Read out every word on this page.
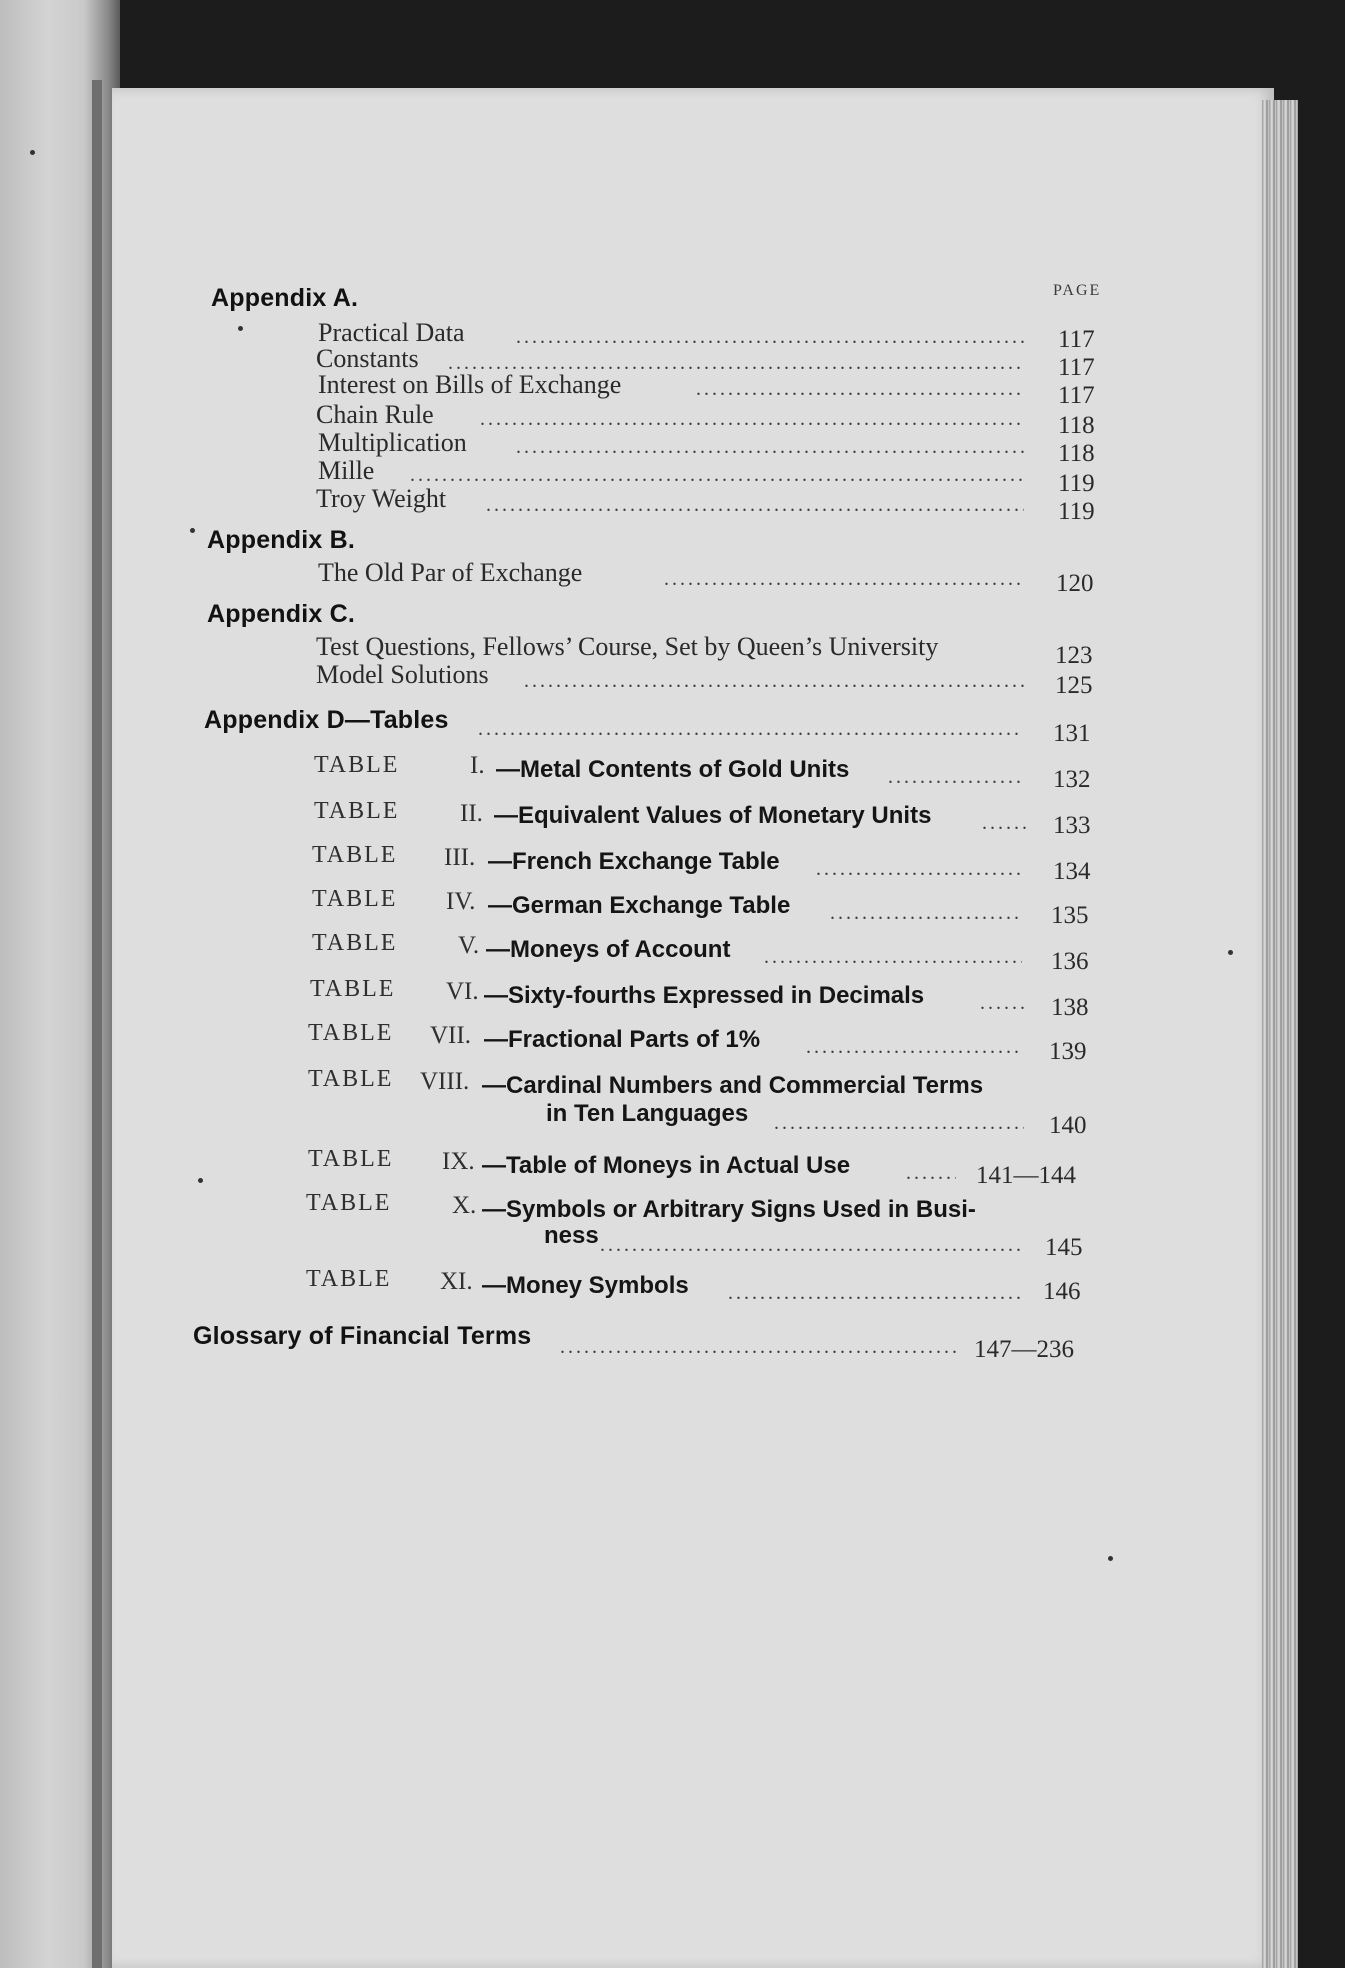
PAGE
Appendix A.
Practical Data .....	117
Constants .....	117
Interest on Bills of Exchange .....	117
Chain Rule .....	118
Multiplication .....	118
Mille .....	119
Troy Weight .....	119
Appendix B.
The Old Par of Exchange .....	120
Appendix C.
Test Questions, Fellows’ Course, Set by Queen’s University	123
Model Solutions .....	125
Appendix D—Tables .....	131
TABLE	I. —Metal Contents of Gold Units .....	132
TABLE II. —Equivalent Values of Monetary Units .....	133
TABLE III. —French Exchange Table .....	134
TABLE IV. —German Exchange Table .....	135
TABLE V. —Moneys of Account .....	136
TABLE VI. —Sixty-fourths Expressed in Decimals .....	138
TABLE VII. —Fractional Parts of 1% .....	139
TABLE VIII. —Cardinal Numbers and Commercial Terms
in Ten Languages .....	140
TABLE IX. —Table of Moneys in Actual Use .....	141—144
TABLE X. —Symbols or Arbitrary Signs Used in Busi-
ness .....	145
TABLE XI. —Money Symbols .....	146
Glossary of Financial Terms .....	147—236
